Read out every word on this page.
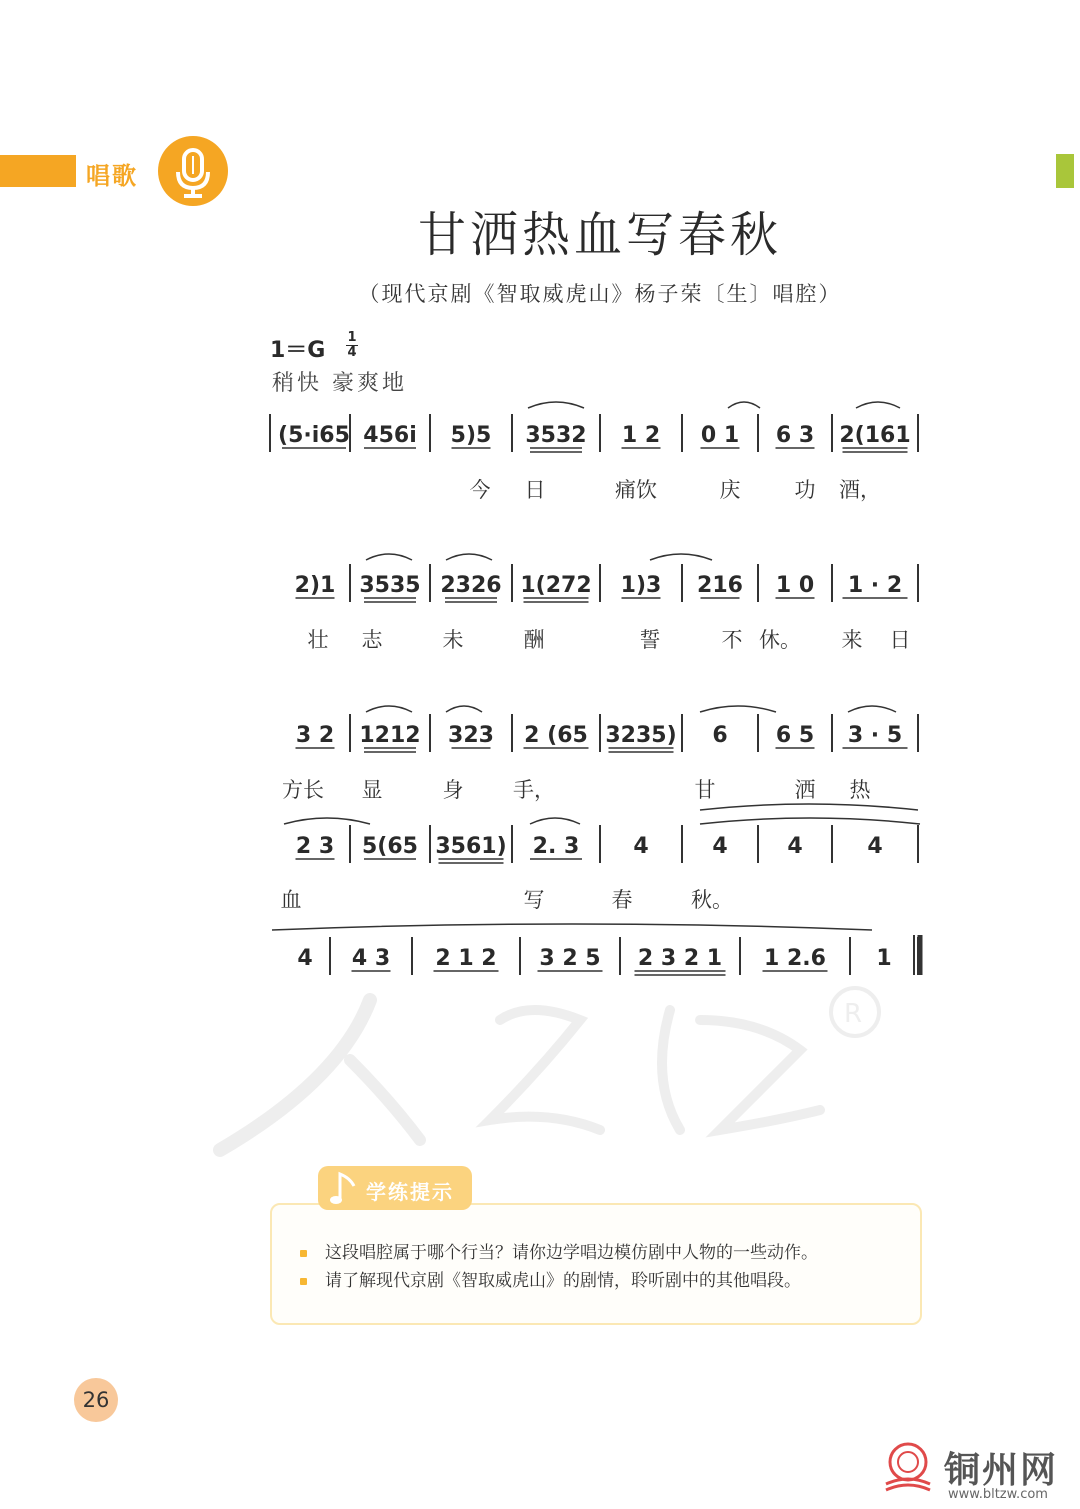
唱歌
甘洒热血写春秋
（现代京剧《智取威虎山》杨子荣〔生〕唱腔）
1＝G
1
4
稍快 豪爽地
(5·i65 456i 5)5 3532 1 2 0 1 6 3 2(161
今 日	痛饮	庆	功 酒，
2)1 3535 2326 1(272 1)3 216 1 0 1 · 2
壮 志	未	酬	誓	不 休。 来 日
3 2 1212 323 2 (65 3235) 6 6 5 3 · 5
方长 显	身 手，	甘	洒 热
2 3 5(65 3561) 2. 3 4	4	4	4
血	写	春	秋。
4 4 3 2 1 2 3 2 5 2 3 2 1 1 2.6 1
R
学练提示
这段唱腔属于哪个行当？请你边学唱边模仿剧中人物的一些动作。
请了解现代京剧《智取威虎山》的剧情，聆听剧中的其他唱段。
26
铜州网
www.bltzw.com
